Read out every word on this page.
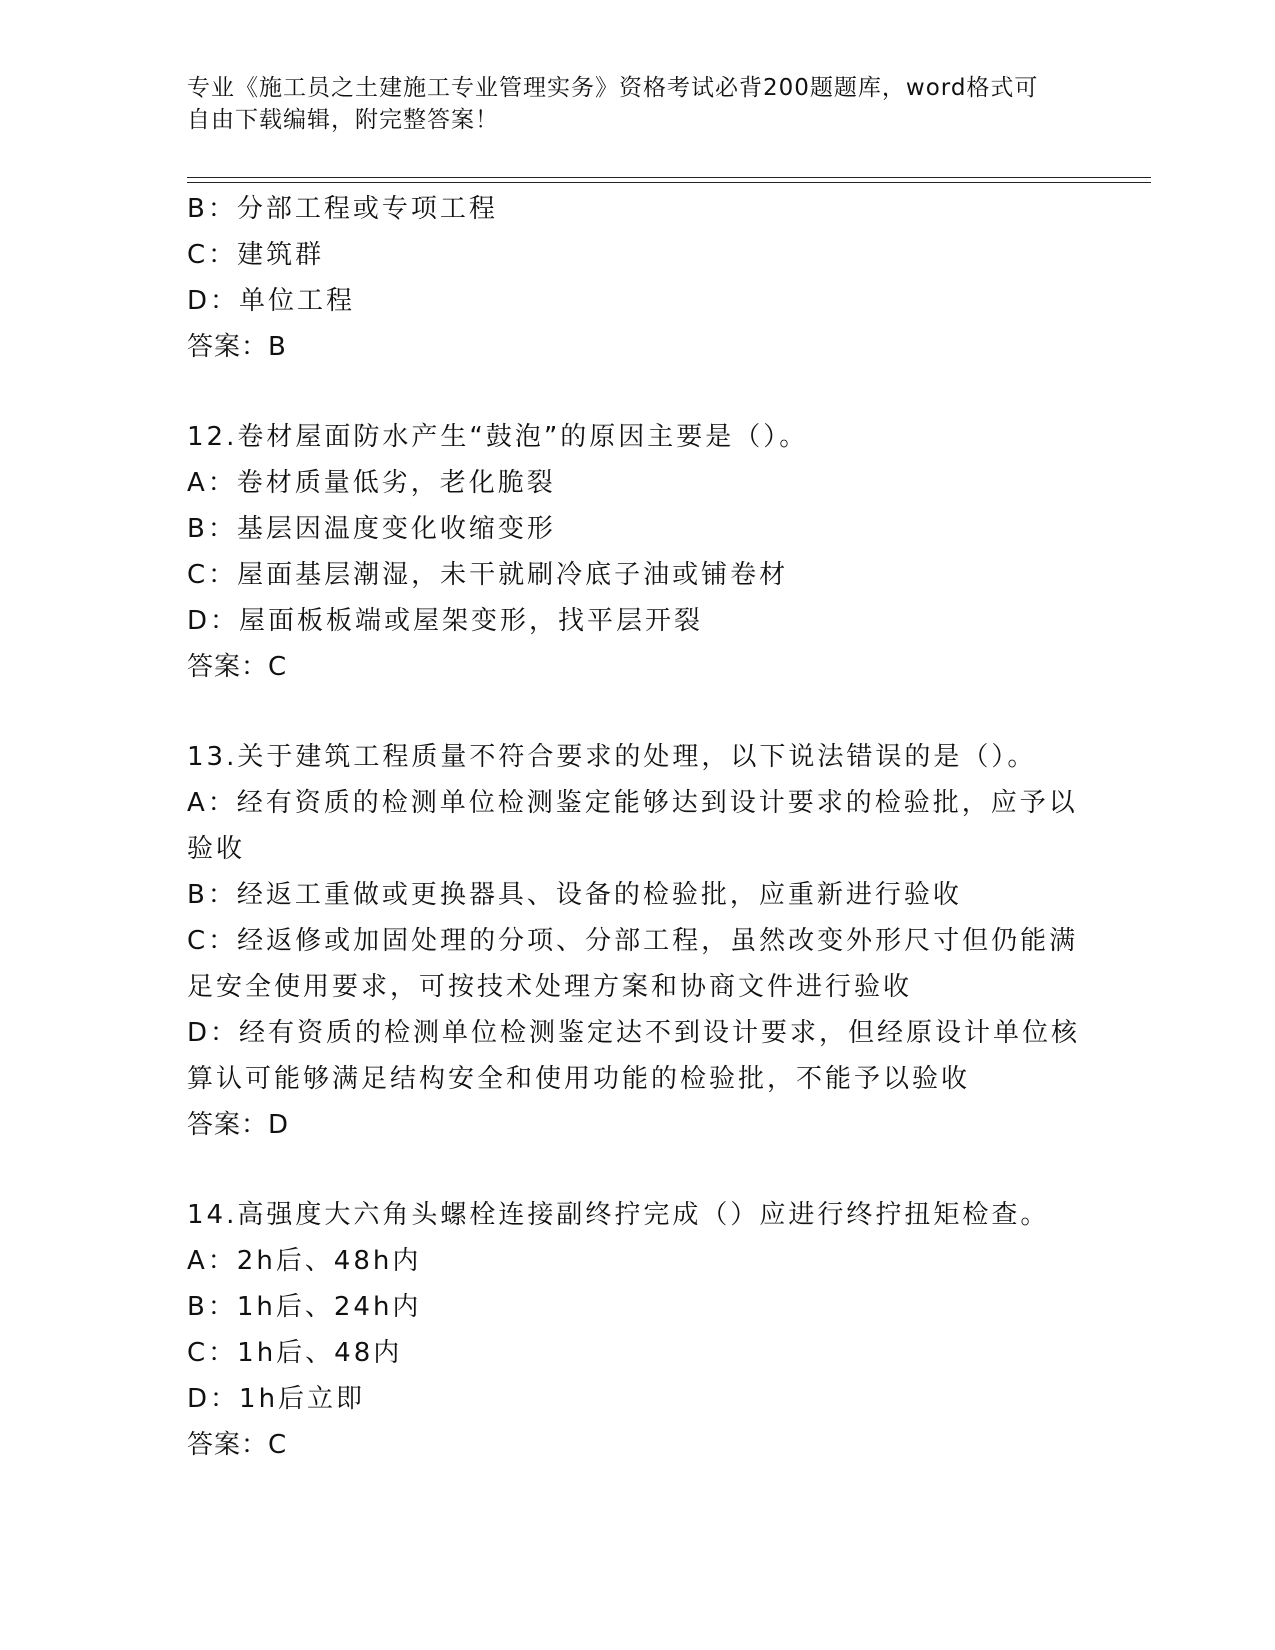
专业《施工员之土建施工专业管理实务》资格考试必背200题题库，word格式可
自由下载编辑，附完整答案！
B：分部工程或专项工程
C：建筑群
D：单位工程
答案：B
12.卷材屋面防水产生“鼓泡”的原因主要是（）。
A：卷材质量低劣，老化脆裂
B：基层因温度变化收缩变形
C：屋面基层潮湿，未干就刷冷底子油或铺卷材
D：屋面板板端或屋架变形，找平层开裂
答案：C
13.关于建筑工程质量不符合要求的处理，以下说法错误的是（）。
A：经有资质的检测单位检测鉴定能够达到设计要求的检验批，应予以
验收
B：经返工重做或更换器具、设备的检验批，应重新进行验收
C：经返修或加固处理的分项、分部工程，虽然改变外形尺寸但仍能满
足安全使用要求，可按技术处理方案和协商文件进行验收
D：经有资质的检测单位检测鉴定达不到设计要求，但经原设计单位核
算认可能够满足结构安全和使用功能的检验批，不能予以验收
答案：D
14.高强度大六角头螺栓连接副终拧完成（）应进行终拧扭矩检查。
A：2h后、48h内
B：1h后、24h内
C：1h后、48内
D：1h后立即
答案：C
